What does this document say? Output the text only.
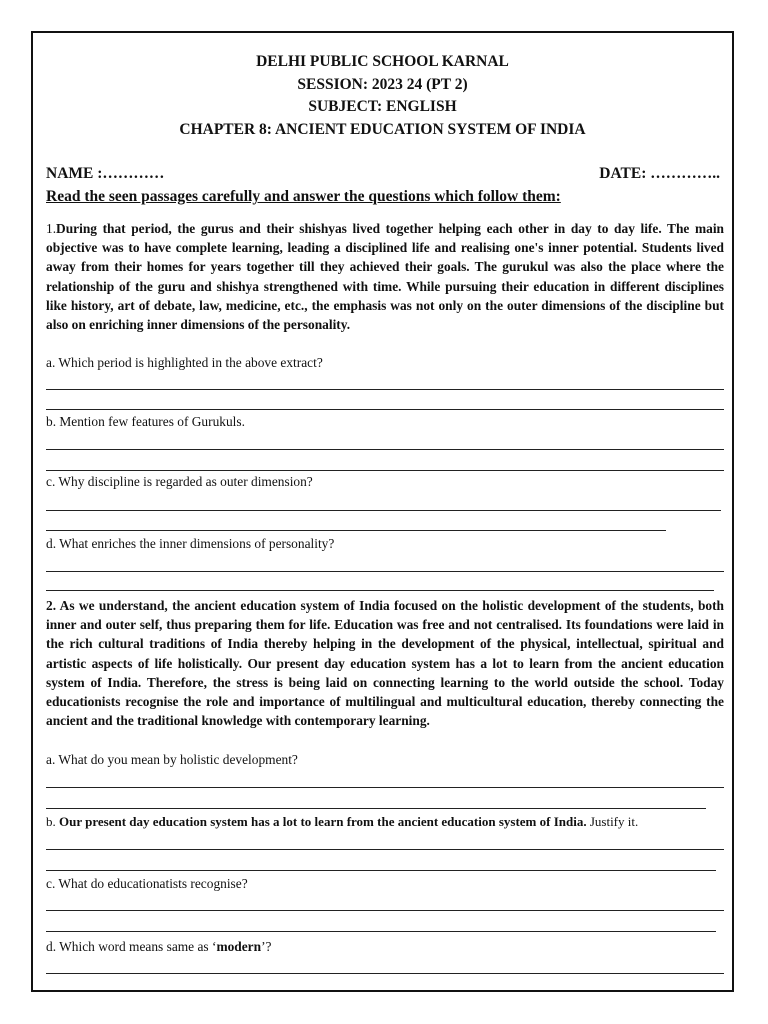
DELHI PUBLIC SCHOOL KARNAL
SESSION: 2023 24 (PT 2)
SUBJECT: ENGLISH
CHAPTER 8: ANCIENT EDUCATION SYSTEM OF INDIA
NAME :…………	DATE: …………..
Read the seen passages carefully and answer the questions which follow them:
1.During that period, the gurus and their shishyas lived together helping each other in day to day life. The main objective was to have complete learning, leading a disciplined life and realising one's inner potential. Students lived away from their homes for years together till they achieved their goals. The gurukul was also the place where the relationship of the guru and shishya strengthened with time. While pursuing their education in different disciplines like history, art of debate, law, medicine, etc., the emphasis was not only on the outer dimensions of the discipline but also on enriching inner dimensions of the personality.
a. Which period is highlighted in the above extract?
b. Mention few features of Gurukuls.
c. Why discipline is regarded as outer dimension?
d. What enriches the inner dimensions of personality?
2. As we understand, the ancient education system of India focused on the holistic development of the students, both inner and outer self, thus preparing them for life. Education was free and not centralised. Its foundations were laid in the rich cultural traditions of India thereby helping in the development of the physical, intellectual, spiritual and artistic aspects of life holistically. Our present day education system has a lot to learn from the ancient education system of India. Therefore, the stress is being laid on connecting learning to the world outside the school. Today educationists recognise the role and importance of multilingual and multicultural education, thereby connecting the ancient and the traditional knowledge with contemporary learning.
a. What do you mean by holistic development?
b. Our present day education system has a lot to learn from the ancient education system of India. Justify it.
c. What do educationatists recognise?
d. Which word means same as ‘modern’?
